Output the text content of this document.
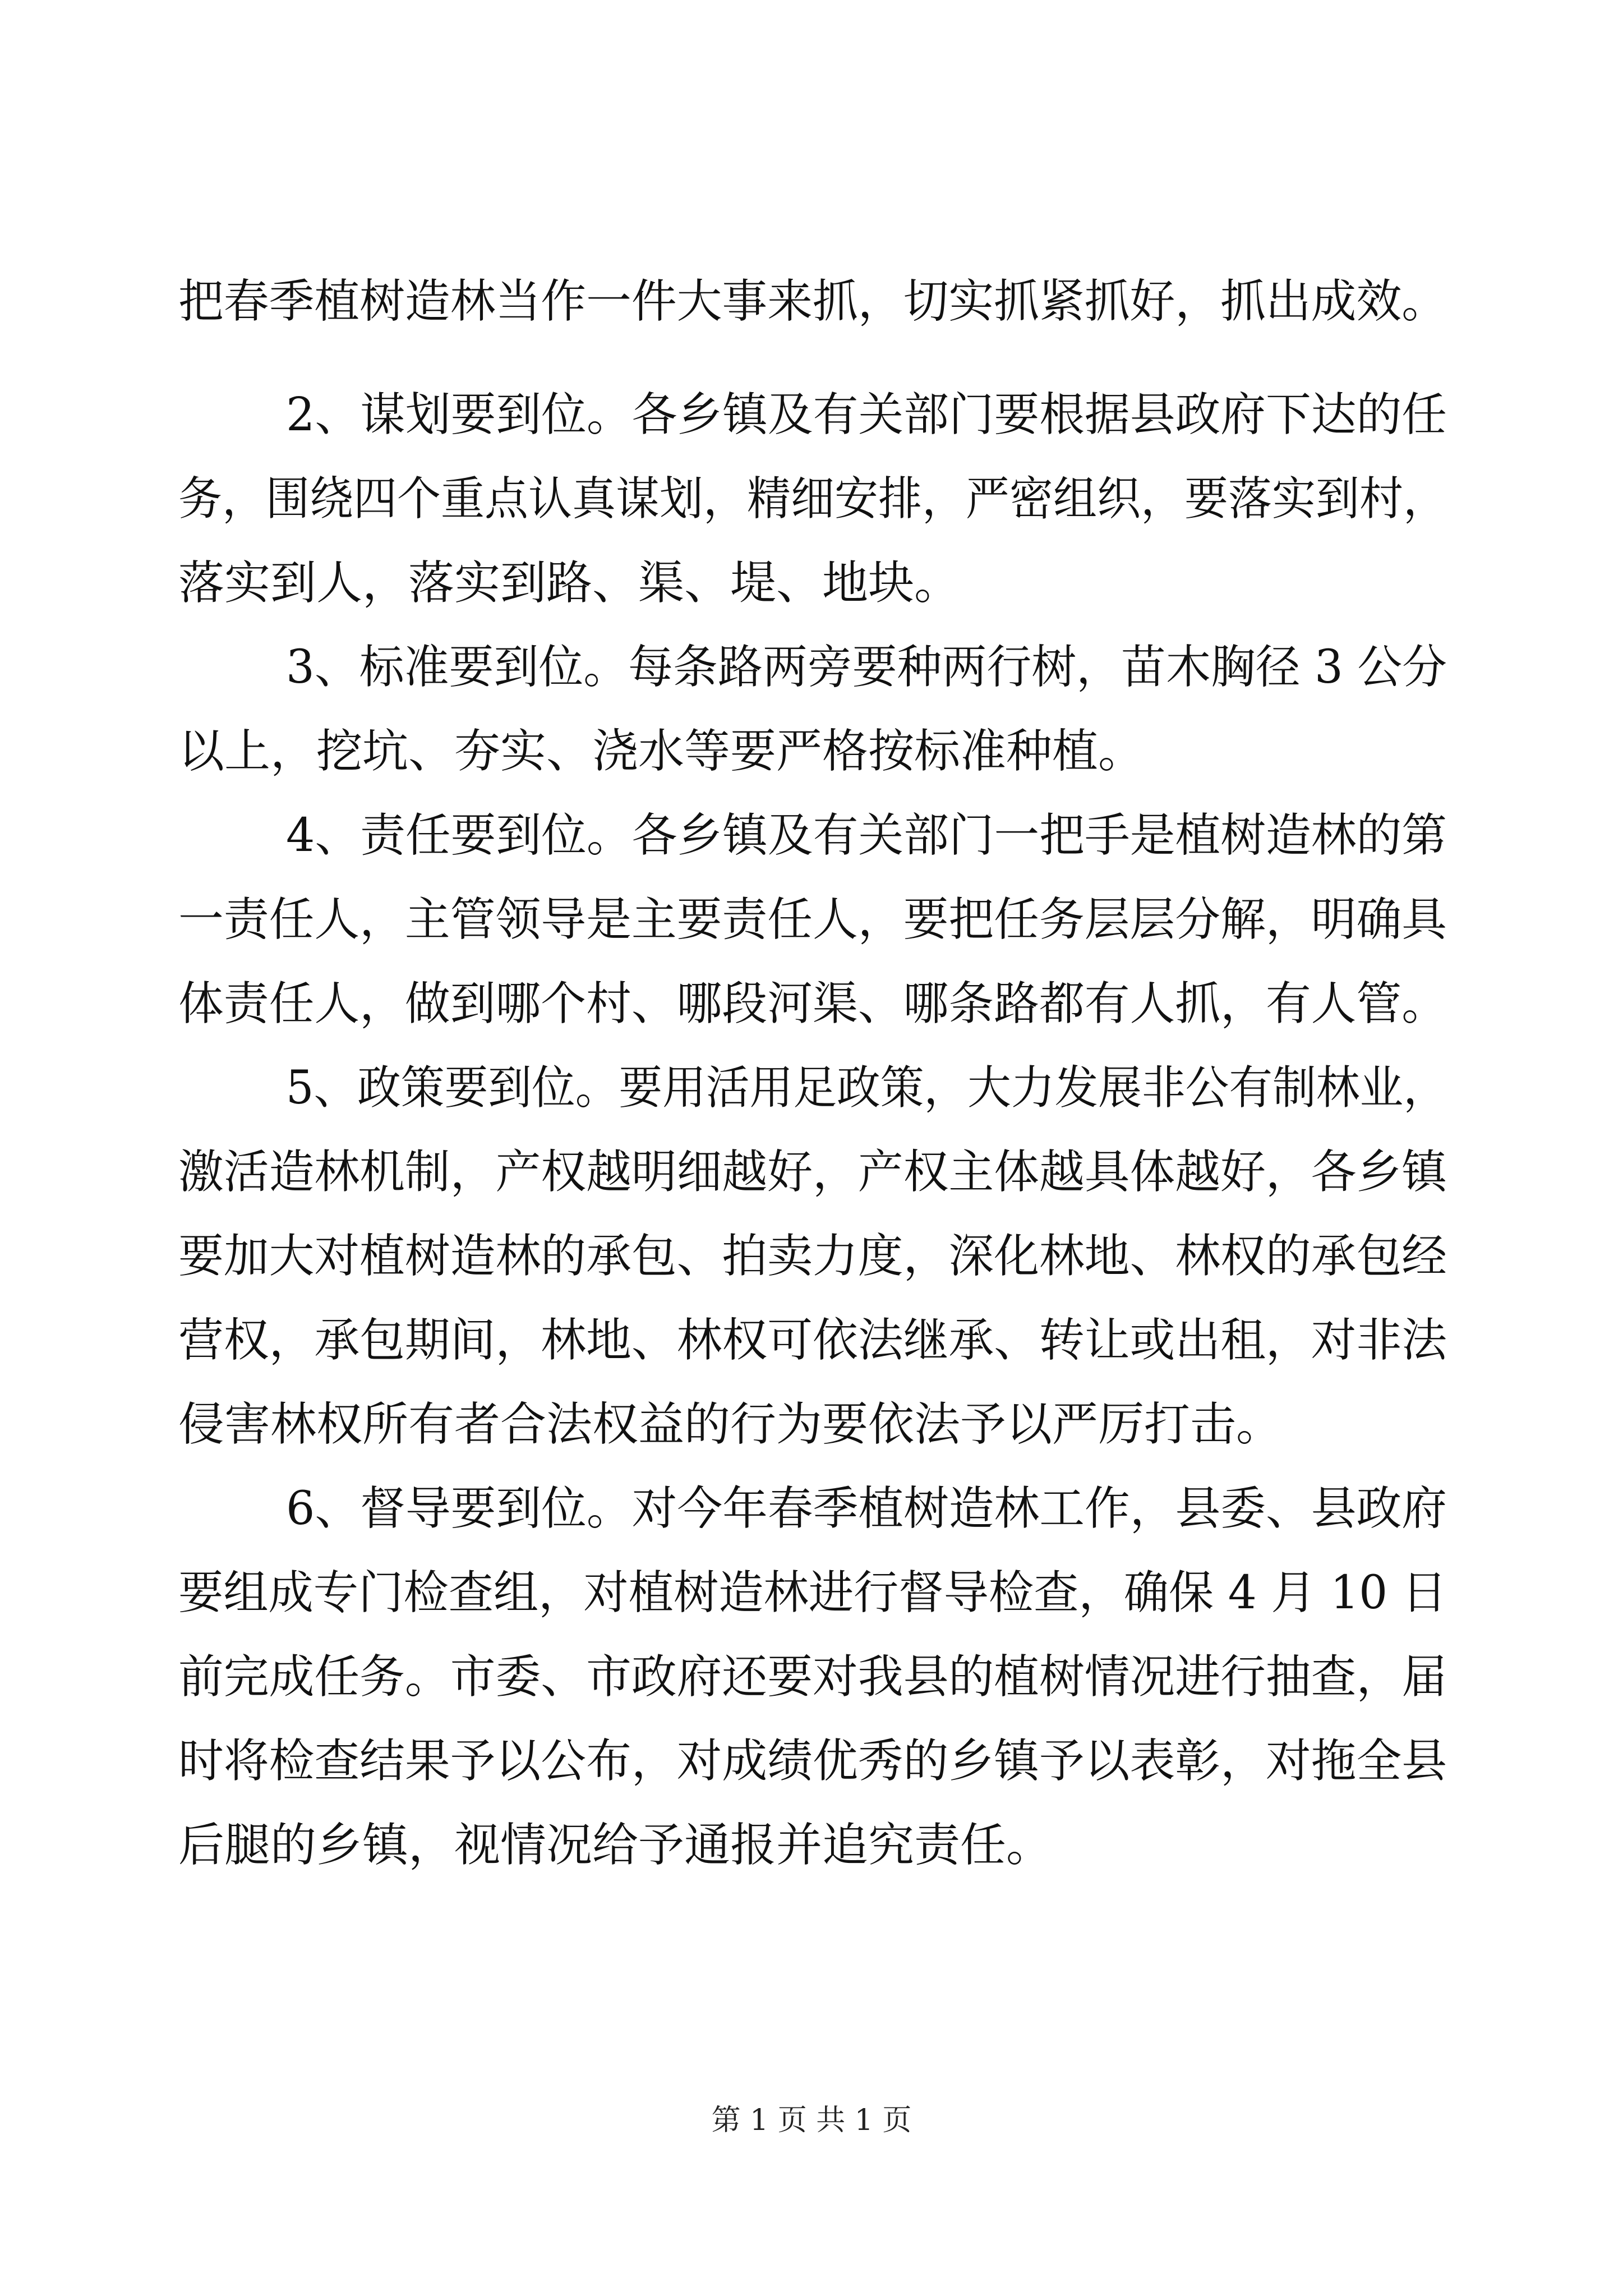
把春季植树造林当作一件大事来抓，切实抓紧抓好，抓出成效。

2、谋划要到位。各乡镇及有关部门要根据县政府下达的任

务，围绕四个重点认真谋划，精细安排，严密组织，要落实到村，

落实到人，落实到路、渠、堤、地块。

3、标准要到位。每条路两旁要种两行树，苗木胸径 3 公分

以上，挖坑、夯实、浇水等要严格按标准种植。

4、责任要到位。各乡镇及有关部门一把手是植树造林的第

一责任人，主管领导是主要责任人，要把任务层层分解，明确具

体责任人，做到哪个村、哪段河渠、哪条路都有人抓，有人管。

5、政策要到位。要用活用足政策，大力发展非公有制林业，

激活造林机制，产权越明细越好，产权主体越具体越好，各乡镇

要加大对植树造林的承包、拍卖力度，深化林地、林权的承包经

营权，承包期间，林地、林权可依法继承、转让或出租，对非法

侵害林权所有者合法权益的行为要依法予以严厉打击。

6、督导要到位。对今年春季植树造林工作，县委、县政府

要组成专门检查组，对植树造林进行督导检查，确保 4 月 10 日

前完成任务。市委、市政府还要对我县的植树情况进行抽查，届

时将检查结果予以公布，对成绩优秀的乡镇予以表彰，对拖全县

后腿的乡镇，视情况给予通报并追究责任。

第 1 页 共 1 页
